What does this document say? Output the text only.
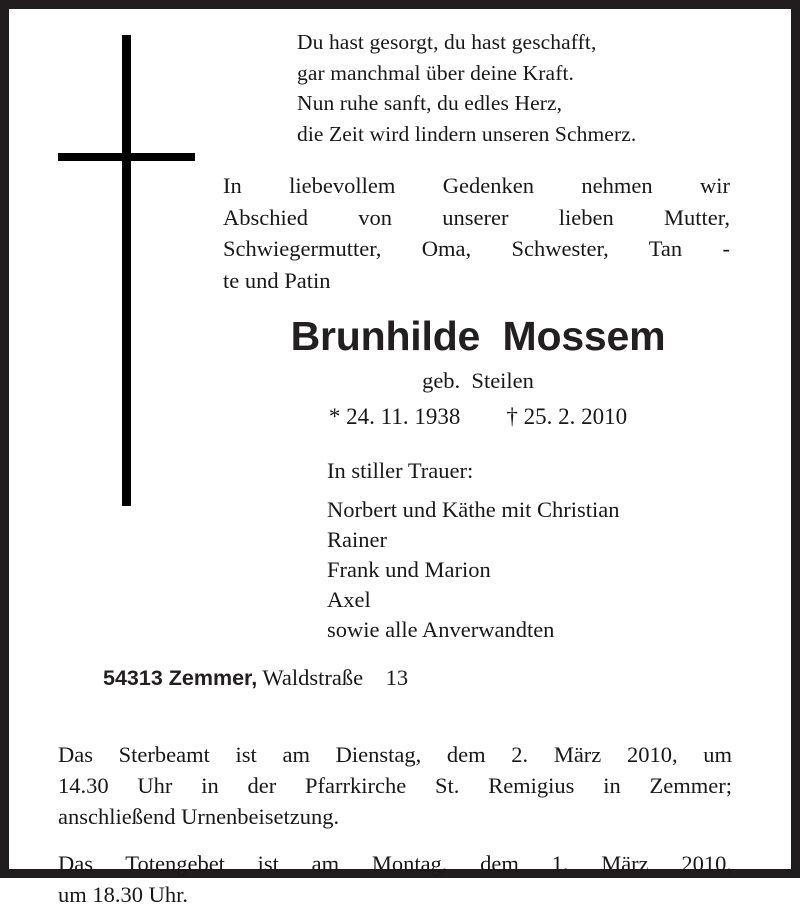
Du hast gesorgt, du hast geschafft,
gar manchmal über deine Kraft.
Nun ruhe sanft, du edles Herz,
die Zeit wird lindern unseren Schmerz.
In liebevollem Gedenken nehmen wir
Abschied von unserer lieben Mutter,
Schwiegermutter, Oma, Schwester, Tan -
te und Patin
Brunhilde  Mossem
geb.  Steilen
* 24. 11. 1938        † 25. 2. 2010
In stiller Trauer:
Norbert und Käthe mit Christian
Rainer
Frank und Marion
Axel
sowie alle Anverwandten

54313 Zemmer, Waldstraße    13

Das Sterbeamt ist am Dienstag, dem 2. März 2010, um
14.30 Uhr in der Pfarrkirche St. Remigius in Zemmer;
anschließend Urnenbeisetzung.
Das Totengebet ist am Montag, dem 1. März 2010,
um 18.30 Uhr.
